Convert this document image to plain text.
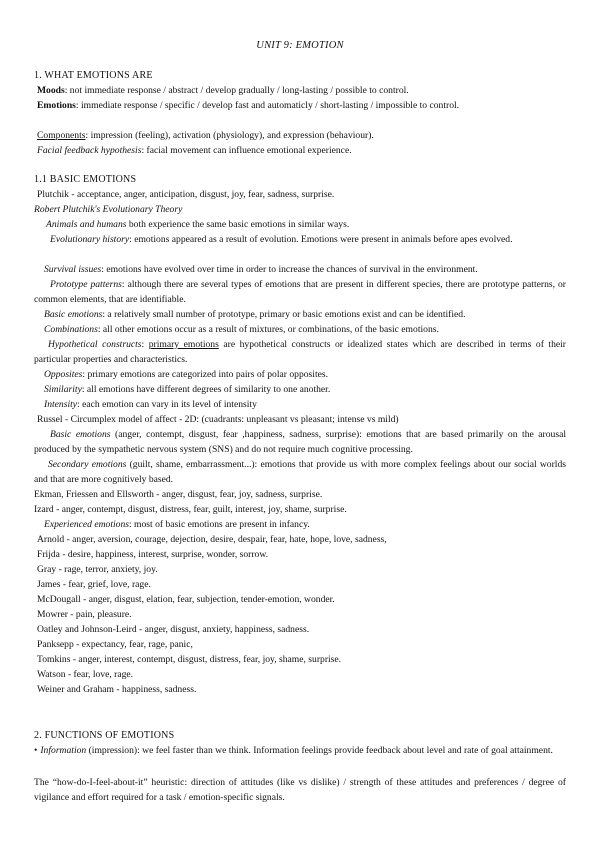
UNIT 9: EMOTION
1. WHAT EMOTIONS ARE
Moods: not immediate response / abstract / develop gradually / long-lasting / possible to control.
Emotions: immediate response / specific / develop fast and automaticly / short-lasting / impossible to control.
Components: impression (feeling), activation (physiology), and expression (behaviour).
Facial feedback hypothesis: facial movement can influence emotional experience.
1.1 BASIC EMOTIONS
Plutchik - acceptance, anger, anticipation, disgust, joy, fear, sadness, surprise.
Robert Plutchik's Evolutionary Theory
Animals and humans both experience the same basic emotions in similar ways.
Evolutionary history: emotions appeared as a result of evolution. Emotions were present in animals before apes evolved.
Survival issues: emotions have evolved over time in order to increase the chances of survival in the environment.
Prototype patterns: although there are several types of emotions that are present in different species, there are prototype patterns, or common elements, that are identifiable.
Basic emotions: a relatively small number of prototype, primary or basic emotions exist and can be identified.
Combinations: all other emotions occur as a result of mixtures, or combinations, of the basic emotions.
Hypothetical constructs: primary emotions are hypothetical constructs or idealized states which are described in terms of their particular properties and characteristics.
Opposites: primary emotions are categorized into pairs of polar opposites.
Similarity: all emotions have different degrees of similarity to one another.
Intensity: each emotion can vary in its level of intensity
Russel - Circumplex model of affect - 2D: (cuadrants: unpleasant vs pleasant; intense vs mild)
Basic emotions (anger, contempt, disgust, fear ,happiness, sadness, surprise): emotions that are based primarily on the arousal produced by the sympathetic nervous system (SNS) and do not require much cognitive processing.
Secondary emotions (guilt, shame, embarrassment...): emotions that provide us with more complex feelings about our social worlds and that are more cognitively based.
Ekman, Friessen and Ellsworth - anger, disgust, fear, joy, sadness, surprise.
Izard - anger, contempt, disgust, distress, fear, guilt, interest, joy, shame, surprise.
Experienced emotions: most of basic emotions are present in infancy.
Arnold - anger, aversion, courage, dejection, desire, despair, fear, hate, hope, love, sadness,
Frijda - desire, happiness, interest, surprise, wonder, sorrow.
Gray - rage, terror, anxiety, joy.
James - fear, grief, love, rage.
McDougall - anger, disgust, elation, fear, subjection, tender-emotion, wonder.
Mowrer - pain, pleasure.
Oatley and Johnson-Leird - anger, disgust, anxiety, happiness, sadness.
Panksepp - expectancy, fear, rage, panic,
Tomkins - anger, interest, contempt, disgust, distress, fear, joy, shame, surprise.
Watson - fear, love, rage.
Weiner and Graham - happiness, sadness.
2. FUNCTIONS OF EMOTIONS
• Information (impression): we feel faster than we think. Information feelings provide feedback about level and rate of goal attainment.
The “how-do-I-feel-about-it” heuristic: direction of attitudes (like vs dislike) / strength of these attitudes and preferences / degree of vigilance and effort required for a task / emotion-specific signals.
